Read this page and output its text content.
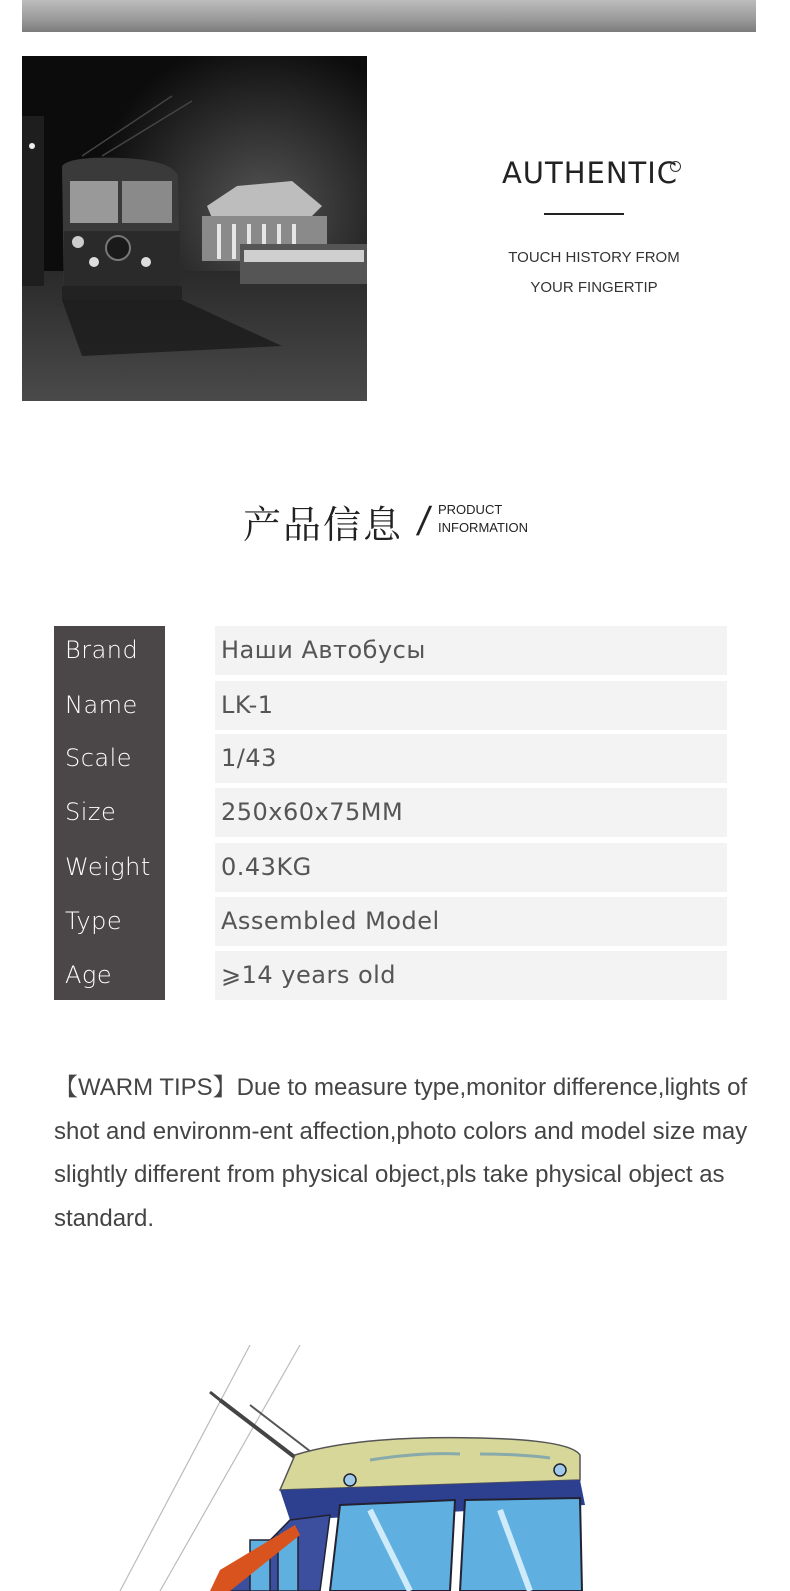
AUTHENTIC
TOUCH HISTORY FROM
YOUR FINGERTIP
产品信息 / PRODUCT
INFORMATION
Brand	Наши Автобусы
Name	LK-1
Scale	1/43
Size	250x60x75MM
Weight	0.43KG
Type	Assembled Model
Age	⩾14 years old
【WARM TIPS】Due to measure type,monitor difference,lights of shot and environm-ent affection,photo colors and model size may slightly different from physical object,pls take physical object as standard.
